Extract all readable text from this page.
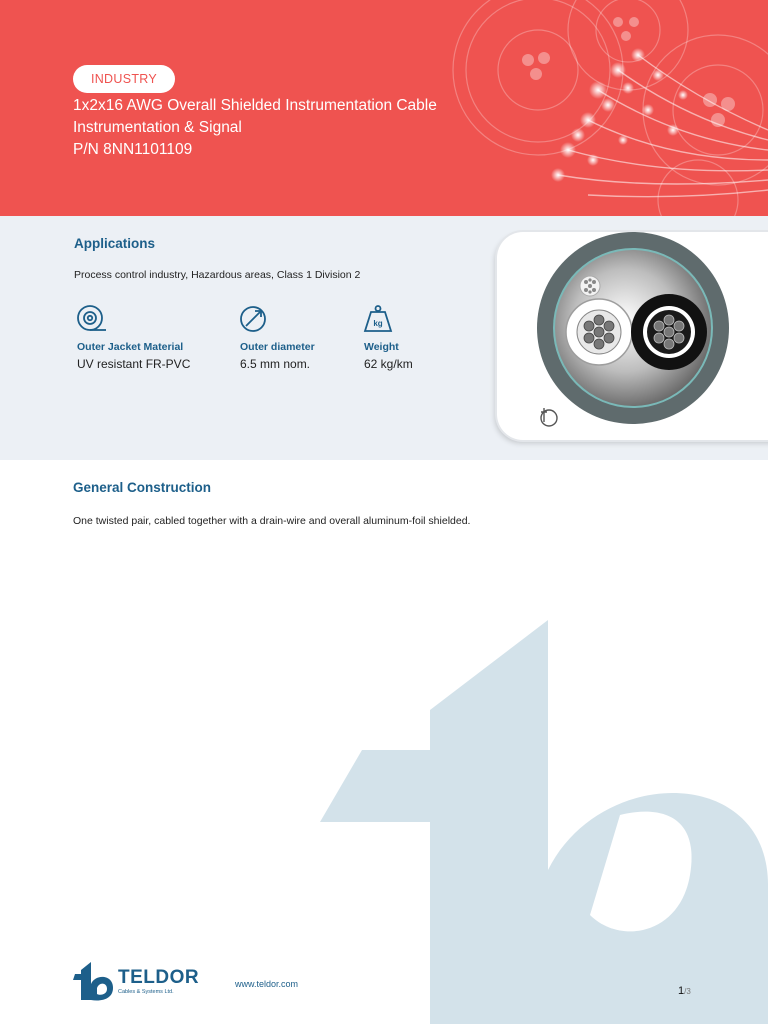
INDUSTRY
1x2x16 AWG Overall Shielded Instrumentation Cable
Instrumentation & Signal
P/N 8NN1101109
Applications
Process control industry, Hazardous areas, Class 1 Division 2
Outer Jacket Material
UV resistant FR-PVC
Outer diameter
6.5 mm nom.
kg
Weight
62 kg/km
General Construction
One twisted pair, cabled together with a drain-wire and overall aluminum-foil shielded.
TELDOR
Cables & Systems Ltd.
www.teldor.com
1/3
